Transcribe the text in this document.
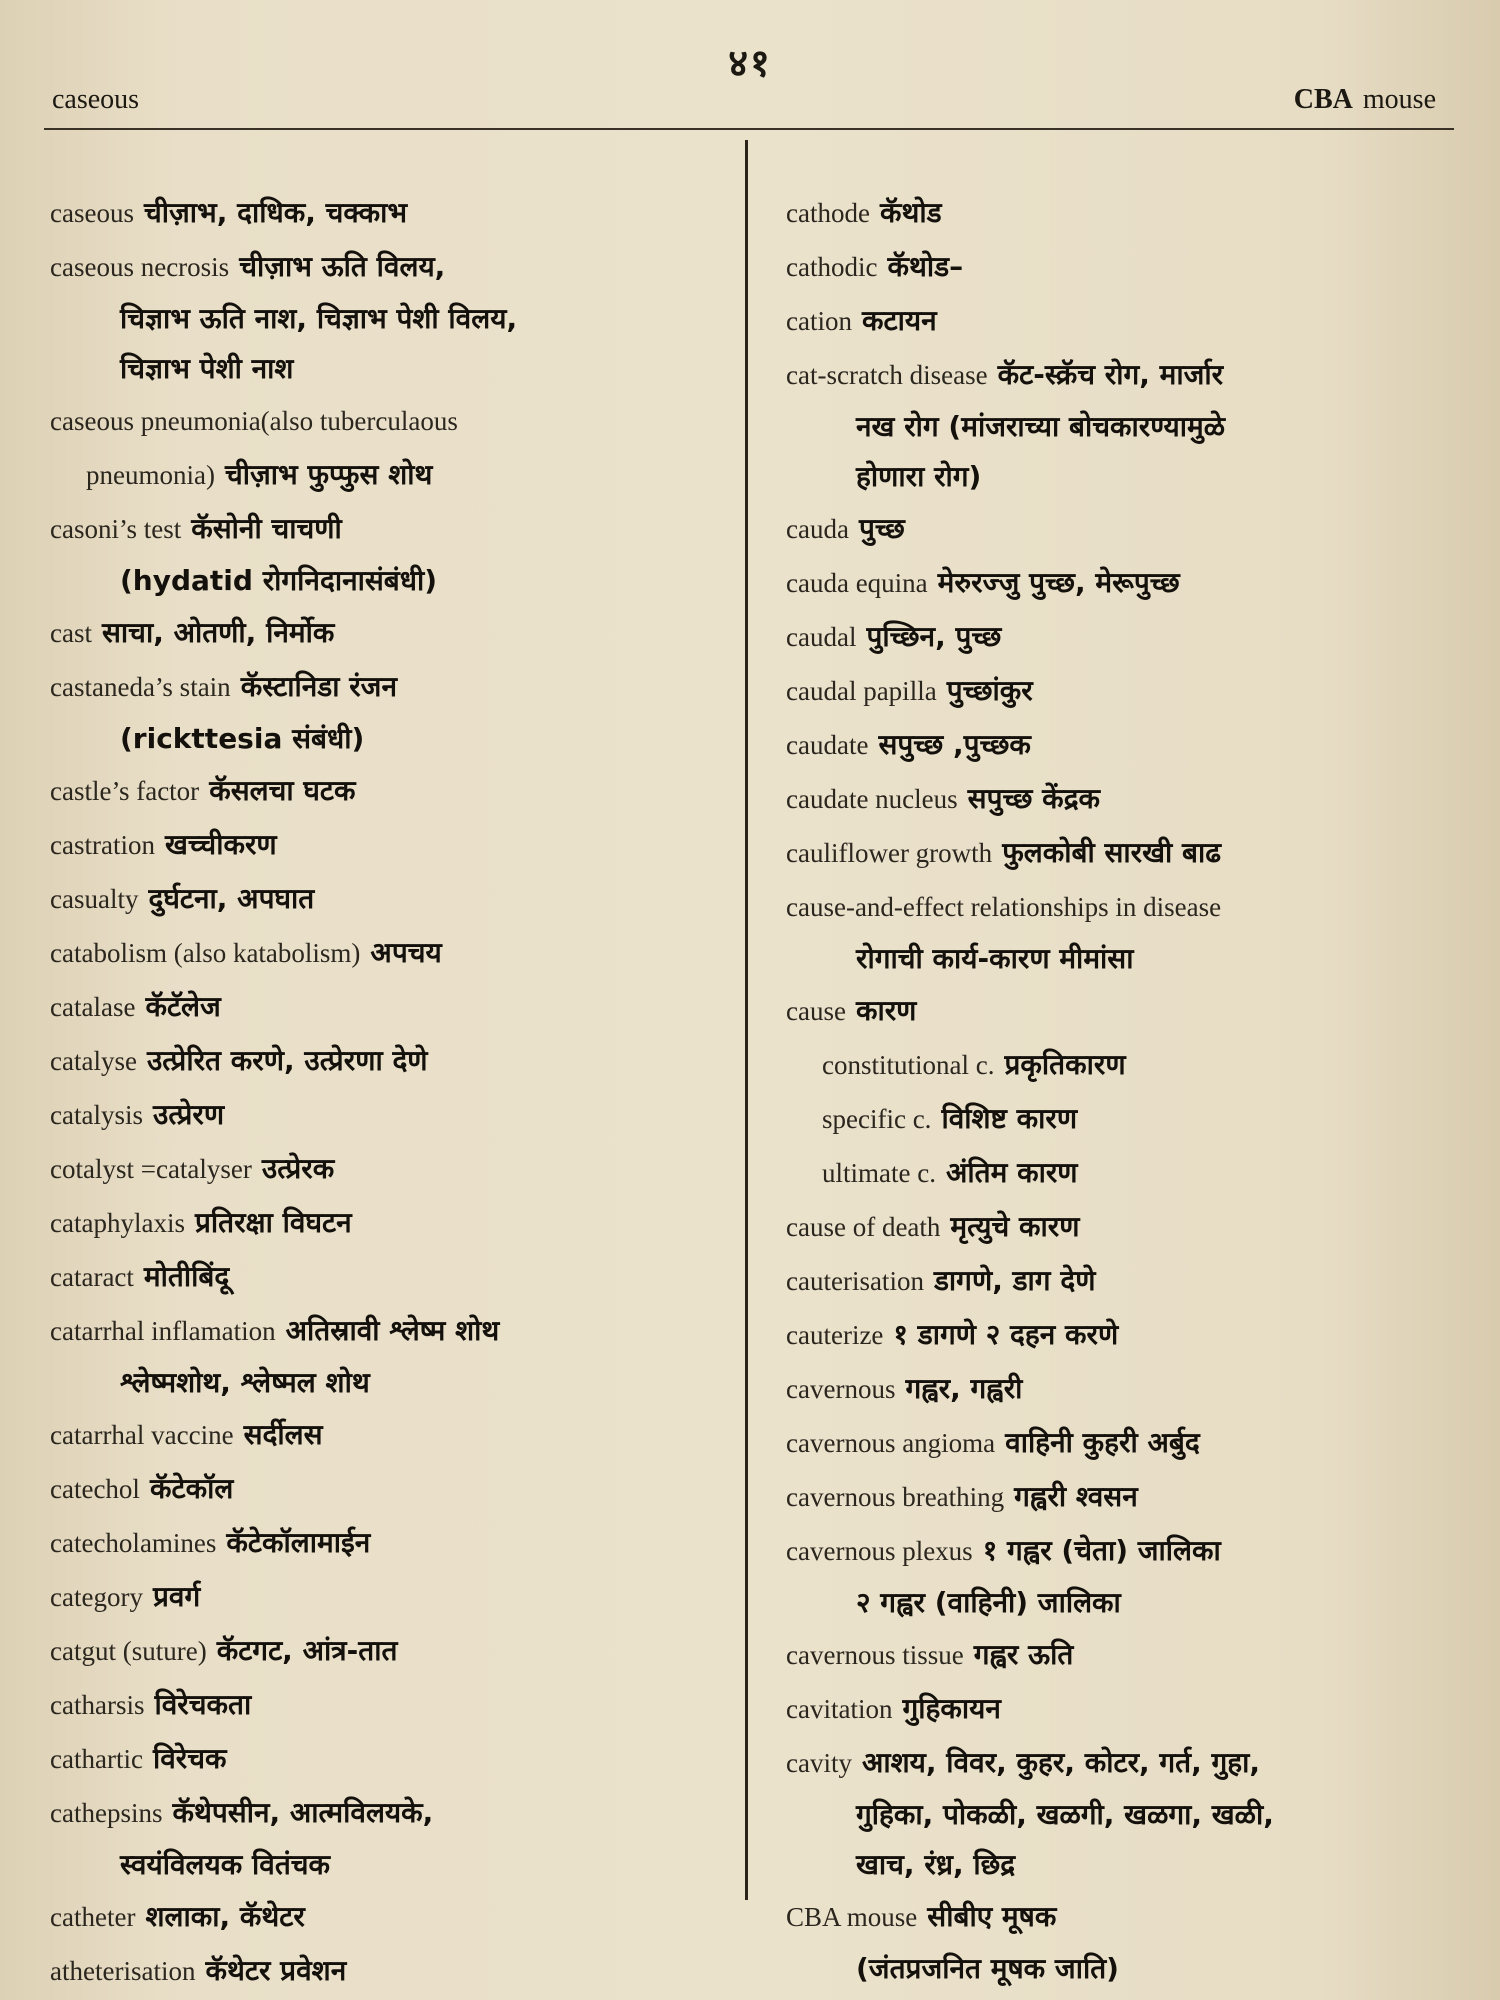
४१
caseous	CBA mouse
caseous चीज़ाभ, दाधिक, चक्काभ
caseous necrosis चीज़ाभ ऊति विलय,
चिज्ञाभ ऊति नाश, चिज्ञाभ पेशी विलय,
चिज्ञाभ पेशी नाश
caseous pneumonia(also tuberculaous
pneumonia) चीज़ाभ फुप्फुस शोथ
casoni’s test कॅसोनी चाचणी
(hydatid रोगनिदानासंबंधी)
cast साचा, ओतणी, निर्मोक
castaneda’s stain कॅस्टानिडा रंजन
(rickttesia संबंधी)
castle’s factor कॅसलचा घटक
castration खच्चीकरण
casualty दुर्घटना, अपघात
catabolism (also katabolism) अपचय
catalase कॅटॅलेज
catalyse उत्प्रेरित करणे, उत्प्रेरणा देणे
catalysis उत्प्रेरण
cotalyst =catalyser उत्प्रेरक
cataphylaxis प्रतिरक्षा विघटन
cataract मोतीबिंदू
catarrhal inflamation अतिस्रावी श्लेष्म शोथ
श्लेष्मशोथ, श्लेष्मल शोथ
catarrhal vaccine सर्दीलस
catechol कॅटेकॉल
catecholamines कॅटेकॉलामाईन
category प्रवर्ग
catgut (suture) कॅटगट, आंत्र-तात
catharsis विरेचकता
cathartic विरेचक
cathepsins कॅथेपसीन, आत्मविलयके,
स्वयंविलयक वितंचक
catheter शलाका, कॅथेटर
atheterisation कॅथेटर प्रवेशन
cathode कॅथोड
cathodic कॅथोड–
cation कटायन
cat-scratch disease कॅट-स्क्रॅच रोग, मार्जार
नख रोग (मांजराच्या बोचकारण्यामुळे
होणारा रोग)
cauda पुच्छ
cauda equina मेरुरज्जु पुच्छ, मेरूपुच्छ
caudal पुच्छिन, पुच्छ
caudal papilla पुच्छांकुर
caudate सपुच्छ ,पुच्छक
caudate nucleus सपुच्छ केंद्रक
cauliflower growth फुलकोबी सारखी बाढ
cause-and-effect relationships in disease
रोगाची कार्य-कारण मीमांसा
cause कारण
constitutional c. प्रकृतिकारण
specific c. विशिष्ट कारण
ultimate c. अंतिम कारण
cause of death मृत्युचे कारण
cauterisation डागणे, डाग देणे
cauterize १ डागणे २ दहन करणे
cavernous गह्वर, गह्वरी
cavernous angioma वाहिनी कुहरी अर्बुद
cavernous breathing गह्वरी श्वसन
cavernous plexus १ गह्वर (चेता) जालिका
२ गह्वर (वाहिनी) जालिका
cavernous tissue गह्वर ऊति
cavitation गुहिकायन
cavity आशय, विवर, कुहर, कोटर, गर्त, गुहा,
गुहिका, पोकळी, खळगी, खळगा, खळी,
खाच, रंध्र, छिद्र
CBA mouse सीबीए मूषक
(जंतप्रजनित मूषक जाति)
